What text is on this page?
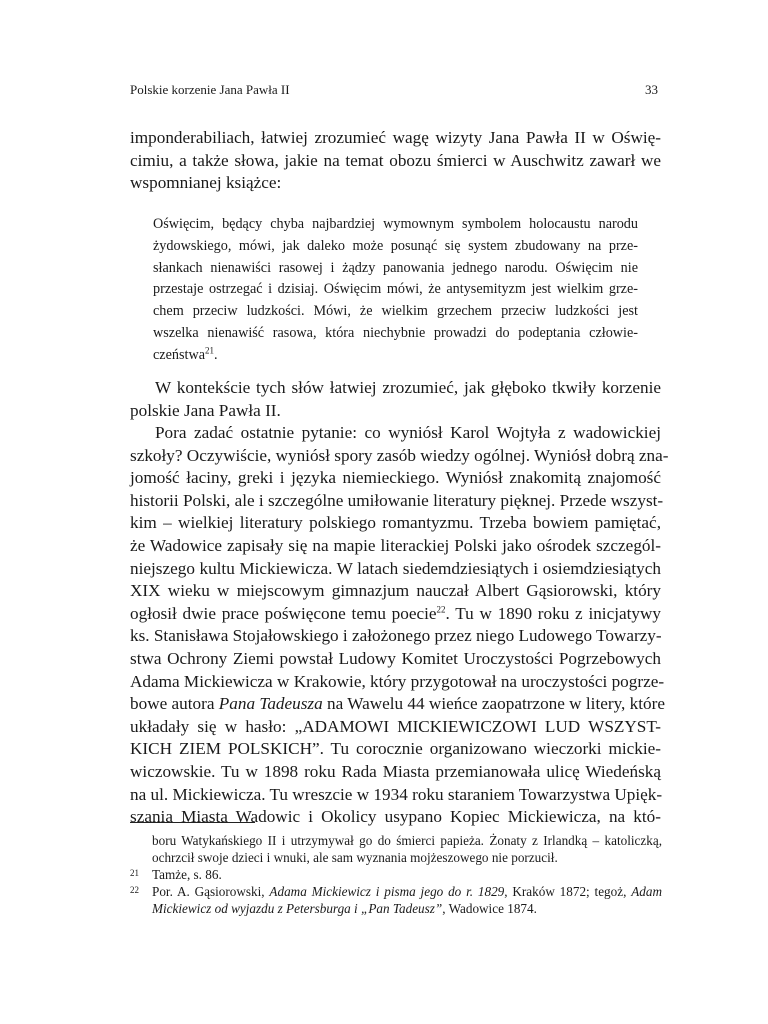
Polskie korzenie Jana Pawła II	33
imponderabiliach, łatwiej zrozumieć wagę wizyty Jana Pawła II w Oświę-
cimiu, a także słowa, jakie na temat obozu śmierci w Auschwitz zawarł we
wspomnianej książce:
Oświęcim, będący chyba najbardziej wymownym symbolem holocaustu narodu
żydowskiego, mówi, jak daleko może posunąć się system zbudowany na prze-
słankach nienawiści rasowej i żądzy panowania jednego narodu. Oświęcim nie
przestaje ostrzegać i dzisiaj. Oświęcim mówi, że antysemityzm jest wielkim grze-
chem przeciw ludzkości. Mówi, że wielkim grzechem przeciw ludzkości jest
wszelka nienawiść rasowa, która niechybnie prowadzi do podeptania człowie-
czeństwa$^{21}$.
W kontekście tych słów łatwiej zrozumieć, jak głęboko tkwiły korzenie
polskie Jana Pawła II.
Pora zadać ostatnie pytanie: co wyniósł Karol Wojtyła z wadowickiej
szkoły? Oczywiście, wyniósł spory zasób wiedzy ogólnej. Wyniósł dobrą zna-
jomość łaciny, greki i języka niemieckiego. Wyniósł znakomitą znajomość
historii Polski, ale i szczególne umiłowanie literatury pięknej. Przede wszyst-
kim – wielkiej literatury polskiego romantyzmu. Trzeba bowiem pamiętać,
że Wadowice zapisały się na mapie literackiej Polski jako ośrodek szczegól-
niejszego kultu Mickiewicza. W latach siedemdziesiątych i osiemdziesiątych
XIX wieku w miejscowym gimnazjum nauczał Albert Gąsiorowski, który
ogłosił dwie prace poświęcone temu poecie$^{22}$. Tu w 1890 roku z inicjatywy
ks. Stanisława Stojałowskiego i założonego przez niego Ludowego Towarzy-
stwa Ochrony Ziemi powstał Ludowy Komitet Uroczystości Pogrzebowych
Adama Mickiewicza w Krakowie, który przygotował na uroczystości pogrze-
bowe autora Pana Tadeusza na Wawelu 44 wieńce zaopatrzone w litery, które
układały się w hasło: „ADAMOWI MICKIEWICZOWI LUD WSZYST-
KICH ZIEM POLSKICH”. Tu corocznie organizowano wieczorki mickie-
wiczowskie. Tu w 1898 roku Rada Miasta przemianowała ulicę Wiedeńską
na ul. Mickiewicza. Tu wreszcie w 1934 roku staraniem Towarzystwa Upięk-
szania Miasta Wadowic i Okolicy usypano Kopiec Mickiewicza, na któ-
boru Watykańskiego II i utrzymywał go do śmierci papieża. Żonaty z Irlandką – katoliczką,
ochrzcił swoje dzieci i wnuki, ale sam wyznania mojżeszowego nie porzucił.
21 Tamże, s. 86.
22 Por. A. Gąsiorowski, Adama Mickiewicz i pisma jego do r. 1829, Kraków 1872; tegoż, Adam
Mickiewicz od wyjazdu z Petersburga i „Pan Tadeusz”, Wadowice 1874.
